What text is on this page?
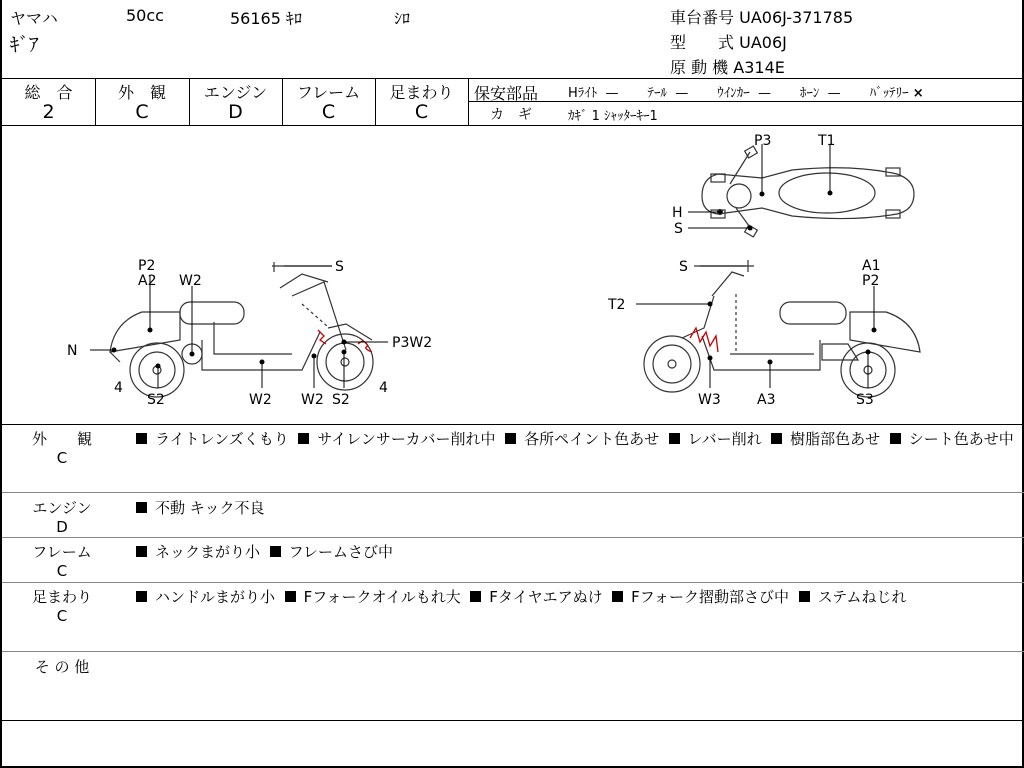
ヤマハ	50cc	56165 ｷﾛ	ｼﾛ
ｷﾞｱ
車台番号 UA06J-371785
型　　式 UA06J
原 動 機 A314E
総　合
2
外　観
C
エンジン
D
フレーム
C
足まわり
C
保安部品 Hﾗｲﾄ — ﾃｰﾙ — ｳｲﾝｶｰ — ﾎｰﾝ — ﾊﾞｯﾃﾘｰ ×
カ　ギ	ｶｷﾞ 1 ｼｬｯﾀｰｷｰ1
P3	T1
H
S
P2
A2 W2
S
N	P3W2
4
S2	W2 W2 S2
4
S	A1
P2
T2
W3	A3	S3
外　　観
C
ライトレンズくもり サイレンサーカバー削れ中 各所ペイント色あせ レバー削れ 樹脂部色あせ シート色あせ中
エンジン
D
不動 キック不良
フレーム
C
ネックまがり小 フレームさび中
足まわり
C
ハンドルまがり小 Fフォークオイルもれ大 Fタイヤエアぬけ Fフォーク摺動部さび中 ステムねじれ
そ の 他
